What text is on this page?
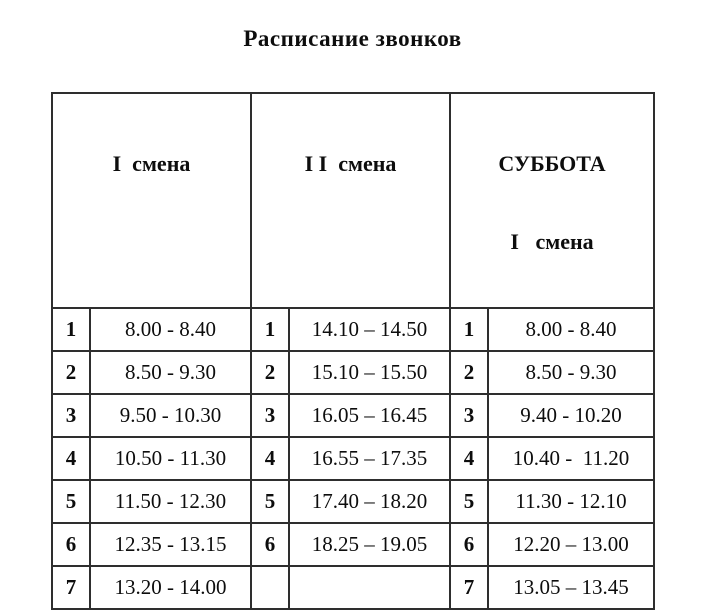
Расписание звонков

I  смена		I I  смена		СУББОТА

I   смена	

1	8.00 - 8.40	1	14.10 – 14.50	1	8.00 - 8.40
2	8.50 - 9.30	2	15.10 – 15.50	2	8.50 - 9.30
3	9.50 - 10.30	3	16.05 – 16.45	3	9.40 - 10.20
4	10.50 - 11.30	4	16.55 – 17.35	4	10.40 -  11.20
5	11.50 - 12.30	5	17.40 – 18.20	5	11.30 - 12.10
6	12.35 - 13.15	6	18.25 – 19.05	6	12.20 – 13.00
7	13.20 - 14.00			7	13.05 – 13.45
